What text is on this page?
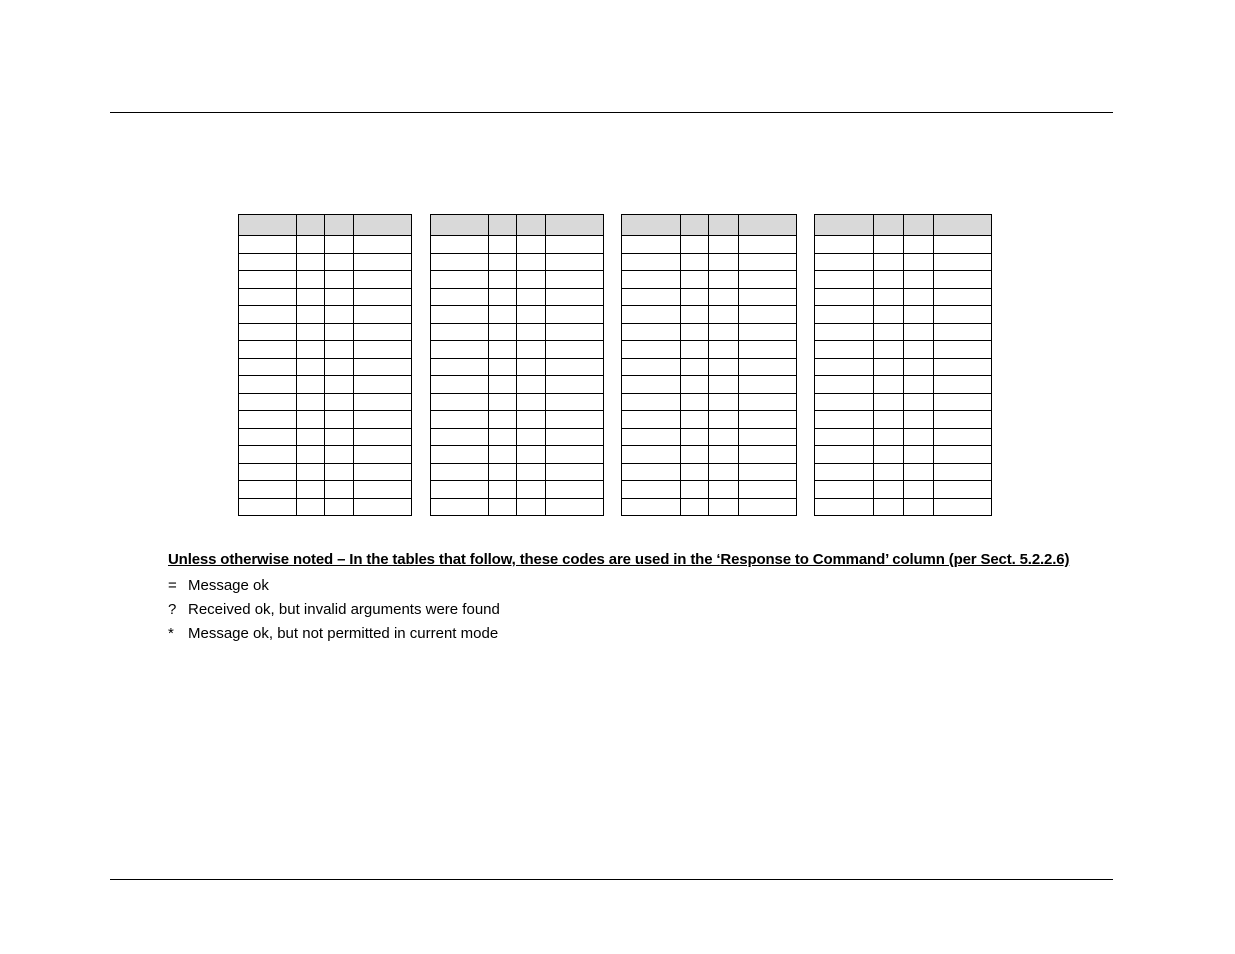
Unless otherwise noted – In the tables that follow, these codes are used in the ‘Response to Command’ column (per Sect. 5.2.2.6)
= Message ok
? Received ok, but invalid arguments were found
* Message ok, but not permitted in current mode
